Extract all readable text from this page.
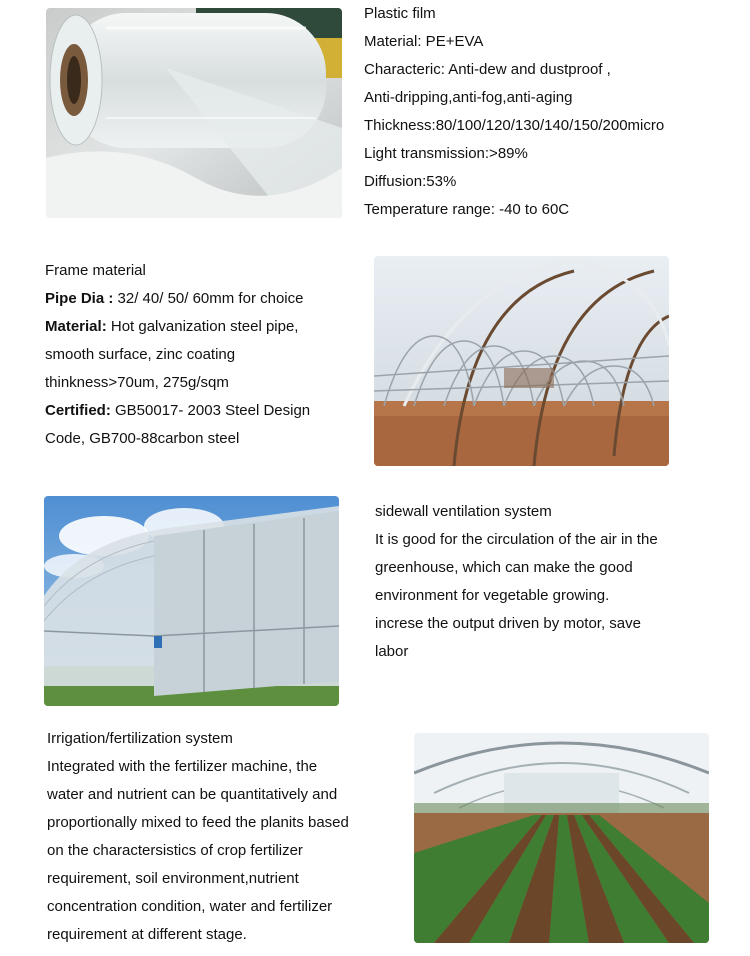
Plastic film
Material: PE+EVA
Characteric: Anti-dew and dustproof ,
Anti-dripping,anti-fog,anti-aging
Thickness:80/100/120/130/140/150/200micro
Light transmission:>89%
Diffusion:53%
Temperature range: -40 to 60C
Frame material
Pipe Dia : 32/ 40/ 50/ 60mm for choice
Material: Hot galvanization steel pipe,
smooth surface, zinc coating
thinkness>70um, 275g/sqm
Certified: GB50017- 2003 Steel Design
Code, GB700-88carbon steel
sidewall ventilation system
It is good for the circulation of the air in the
greenhouse, which can make the good
environment for vegetable growing.
increse the output driven by motor, save
labor
Irrigation/fertilization system
Integrated with the fertilizer machine, the
water and nutrient can be quantitatively and
proportionally mixed to feed the planits based
on the charactersistics of crop fertilizer
requirement, soil environment,nutrient
concentration condition, water and fertilizer
requirement at different stage.
